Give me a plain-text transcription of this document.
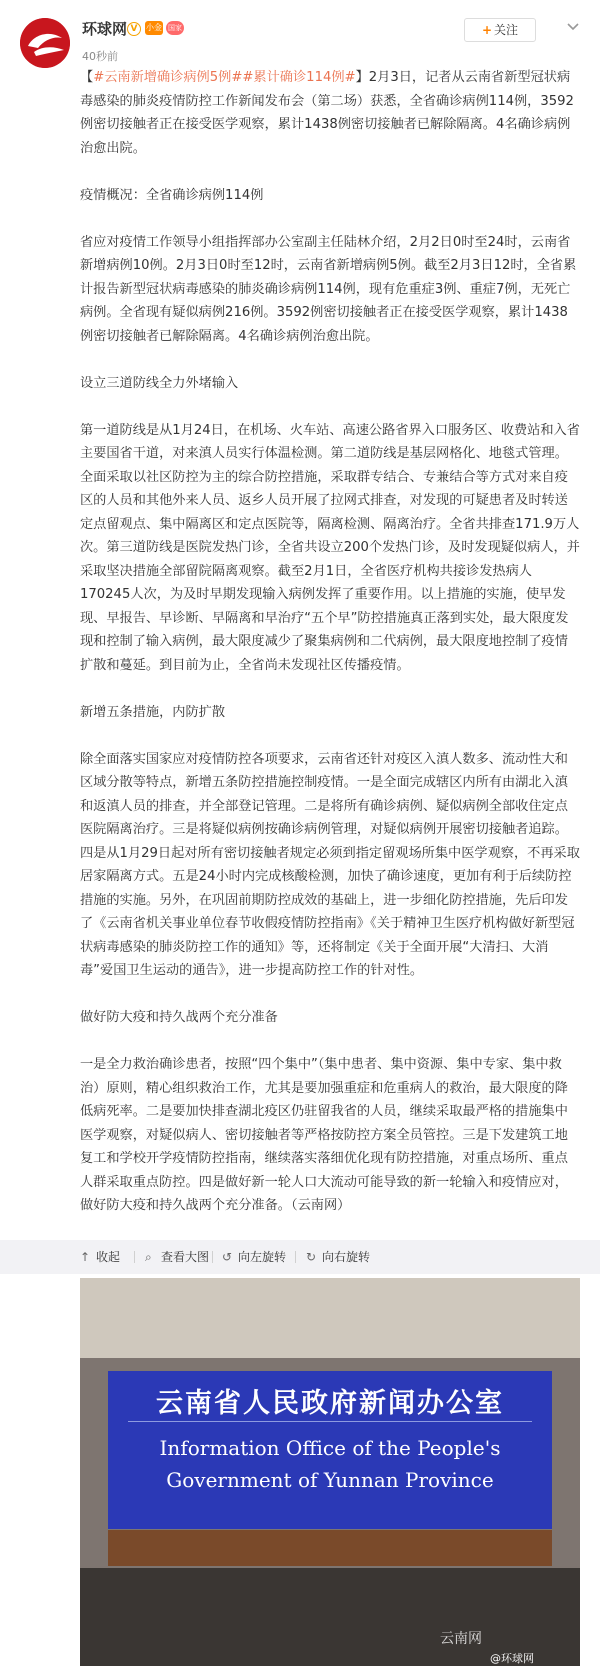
环球网 V	小金 国家
40秒前
+ 关注

【#云南新增确诊病例5例##累计确诊114例#】2月3日，记者从云南省新型冠状病毒感染的肺炎疫情防控工作新闻发布会（第二场）获悉，全省确诊病例114例，3592例密切接触者正在接受医学观察，累计1438例密切接触者已解除隔离。4名确诊病例治愈出院。

疫情概况：全省确诊病例114例

省应对疫情工作领导小组指挥部办公室副主任陆林介绍，2月2日0时至24时，云南省新增病例10例。2月3日0时至12时，云南省新增病例5例。截至2月3日12时，全省累计报告新型冠状病毒感染的肺炎确诊病例114例，现有危重症3例、重症7例，无死亡病例。全省现有疑似病例216例。3592例密切接触者正在接受医学观察，累计1438例密切接触者已解除隔离。4名确诊病例治愈出院。

设立三道防线全力外堵输入

第一道防线是从1月24日，在机场、火车站、高速公路省界入口服务区、收费站和入省主要国省干道，对来滇人员实行体温检测。第二道防线是基层网格化、地毯式管理。全面采取以社区防控为主的综合防控措施，采取群专结合、专兼结合等方式对来自疫区的人员和其他外来人员、返乡人员开展了拉网式排查，对发现的可疑患者及时转送定点留观点、集中隔离区和定点医院等，隔离检测、隔离治疗。全省共排查171.9万人次。第三道防线是医院发热门诊，全省共设立200个发热门诊，及时发现疑似病人，并采取坚决措施全部留院隔离观察。截至2月1日，全省医疗机构共接诊发热病人170245人次，为及时早期发现输入病例发挥了重要作用。以上措施的实施，使早发现、早报告、早诊断、早隔离和早治疗“五个早”防控措施真正落到实处，最大限度发现和控制了输入病例，最大限度减少了聚集病例和二代病例，最大限度地控制了疫情扩散和蔓延。到目前为止，全省尚未发现社区传播疫情。

新增五条措施，内防扩散

除全面落实国家应对疫情防控各项要求，云南省还针对疫区入滇人数多、流动性大和区域分散等特点，新增五条防控措施控制疫情。一是全面完成辖区内所有由湖北入滇和返滇人员的排查，并全部登记管理。二是将所有确诊病例、疑似病例全部收住定点医院隔离治疗。三是将疑似病例按确诊病例管理，对疑似病例开展密切接触者追踪。四是从1月29日起对所有密切接触者规定必须到指定留观场所集中医学观察，不再采取居家隔离方式。五是24小时内完成核酸检测，加快了确诊速度，更加有利于后续防控措施的实施。另外，在巩固前期防控成效的基础上，进一步细化防控措施，先后印发了《云南省机关事业单位春节收假疫情防控指南》《关于精神卫生医疗机构做好新型冠状病毒感染的肺炎防控工作的通知》等，还将制定《关于全面开展“大清扫、大消毒”爱国卫生运动的通告》，进一步提高防控工作的针对性。

做好防大疫和持久战两个充分准备

一是全力救治确诊患者，按照“四个集中”（集中患者、集中资源、集中专家、集中救治）原则，精心组织救治工作，尤其是要加强重症和危重病人的救治，最大限度的降低病死率。二是要加快排查湖北疫区仍驻留我省的人员，继续采取最严格的措施集中医学观察，对疑似病人、密切接触者等严格按防控方案全员管控。三是下发建筑工地复工和学校开学疫情防控指南，继续落实落细优化现有防控措施，对重点场所、重点人群采取重点防控。四是做好新一轮人口大流动可能导致的新一轮输入和疫情应对，做好防大疫和持久战两个充分准备。（云南网）

↑ 收起 ⌕ 查看大图 ↺ 向左旋转 ↻ 向右旋转
云南省人民政府新闻办公室
Information Office of the People's
Government of Yunnan Province
云南网
@环球网
